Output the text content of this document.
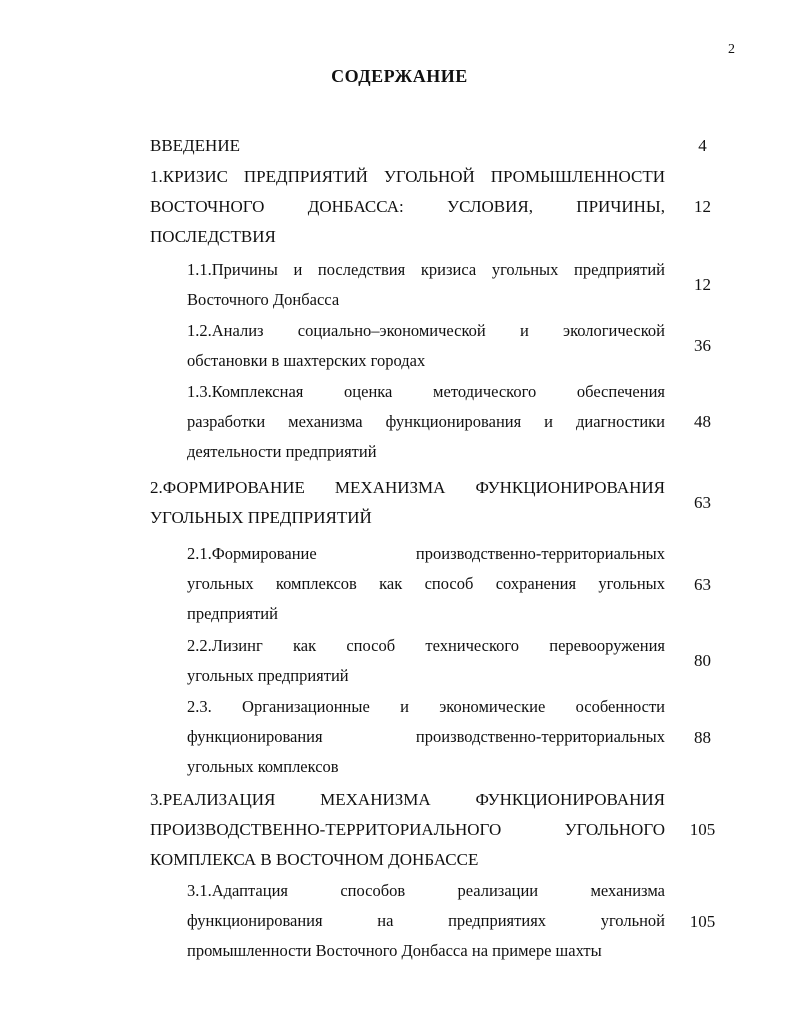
2
СОДЕРЖАНИЕ
ВВЕДЕНИЕ	4
1.КРИЗИС ПРЕДПРИЯТИЙ УГОЛЬНОЙ ПРОМЫШЛЕННОСТИ
ВОСТОЧНОГО ДОНБАССА: УСЛОВИЯ, ПРИЧИНЫ,
ПОСЛЕДСТВИЯ
12
1.1.Причины и последствия кризиса угольных предприятий
Восточного Донбасса
12
1.2.Анализ социально–экономической и экологической
обстановки в шахтерских городах
36
1.3.Комплексная оценка методического обеспечения
разработки механизма функционирования и диагностики
деятельности предприятий
48
2.ФОРМИРОВАНИЕ МЕХАНИЗМА ФУНКЦИОНИРОВАНИЯ
УГОЛЬНЫХ ПРЕДПРИЯТИЙ
63
2.1.Формирование производственно-территориальных
угольных комплексов как способ сохранения угольных
предприятий
63
2.2.Лизинг как способ технического перевооружения
угольных предприятий
80
2.3. Организационные и экономические особенности
функционирования производственно-территориальных
угольных комплексов
88
3.РЕАЛИЗАЦИЯ МЕХАНИЗМА ФУНКЦИОНИРОВАНИЯ
ПРОИЗВОДСТВЕННО-ТЕРРИТОРИАЛЬНОГО УГОЛЬНОГО
КОМПЛЕКСА В ВОСТОЧНОМ ДОНБАССЕ
105
3.1.Адаптация способов реализации механизма
функционирования на предприятиях угольной
промышленности Восточного Донбасса на примере шахты
105
